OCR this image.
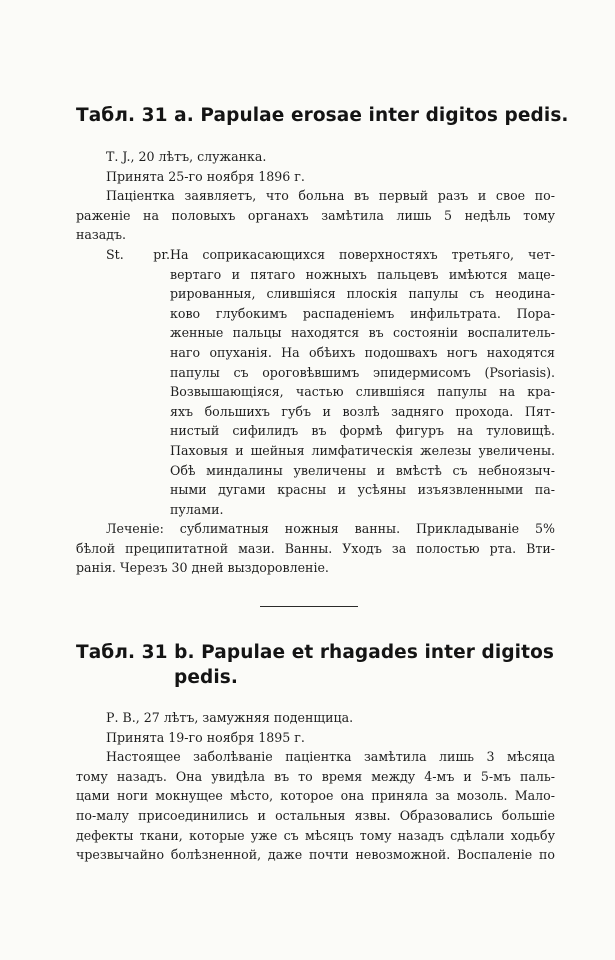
Табл. 31 а. Papulae erosae inter digitos pedis.
Т. J., 20 лѣтъ, служанка.
Принята 25-го ноября 1896 г.
Паціентка заявляетъ, что больна въ первый разъ и свое по-
раженіе на половыхъ органахъ замѣтила лишь 5 недѣль тому
назадъ.
St. pr.На соприкасающихся поверхностяхъ третьяго, чет-
вертаго и пятаго ножныхъ пальцевъ имѣются маце-
рированныя, слившіяся плоскія папулы съ неодина-
ково глубокимъ распаденіемъ инфильтрата. Пора-
женные пальцы находятся въ состояніи воспалитель-
наго опуханія. На обѣихъ подошвахъ ногъ находятся
папулы съ ороговѣвшимъ эпидермисомъ (Psoriasis).
Возвышающіяся, частью слившіяся папулы на кра-
яхъ большихъ губъ и возлѣ задняго прохода. Пят-
нистый сифилидъ въ формѣ фигуръ на туловищѣ.
Паховыя и шейныя лимфатическія железы увеличены.
Обѣ миндалины увеличены и вмѣстѣ съ небноязыч-
ными дугами красны и усѣяны изъязвленными па-
пулами.
Леченіе: сублиматныя ножныя ванны. Прикладываніе 5%
бѣлой преципитатной мази. Ванны. Уходъ за полостью рта. Вти-
ранія. Черезъ 30 дней выздоровленіе.
Табл. 31 b. Papulae et rhagades inter digitos
pedis.
Р. В., 27 лѣтъ, замужняя поденщица.
Принята 19-го ноября 1895 г.
Настоящее заболѣваніе паціентка замѣтила лишь 3 мѣсяца
тому назадъ. Она увидѣла въ то время между 4-мъ и 5-мъ паль-
цами ноги мокнущее мѣсто, которое она приняла за мозоль. Мало-
по-малу присоединились и остальныя язвы. Образовались большіе
дефекты ткани, которые уже съ мѣсяцъ тому назадъ сдѣлали ходьбу
чрезвычайно болѣзненной, даже почти невозможной. Воспаленіе по
